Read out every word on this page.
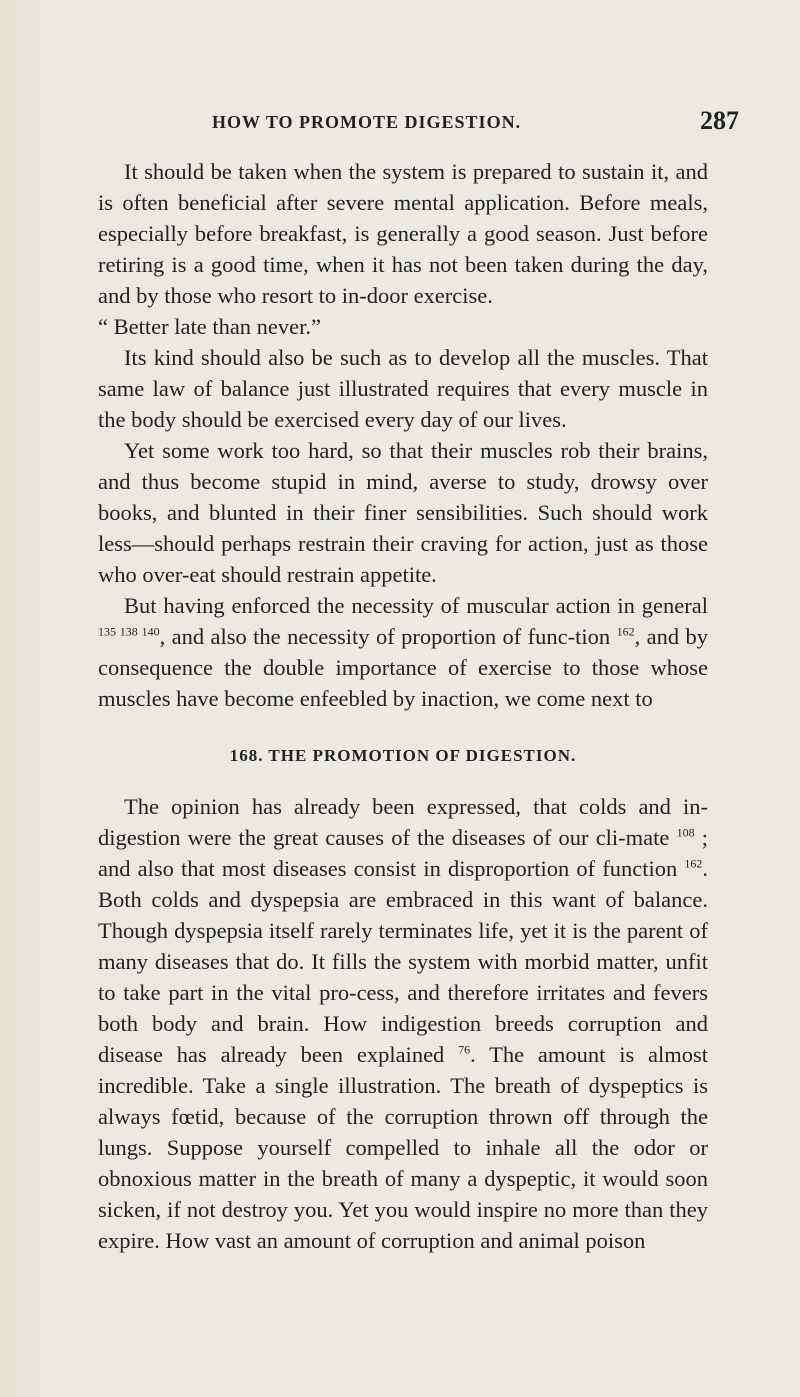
HOW TO PROMOTE DIGESTION.	287

It should be taken when the system is prepared to sustain it, and is often beneficial after severe mental application. Before meals, especially before breakfast, is generally a good season. Just before retiring is a good time, when it has not been taken during the day, and by those who resort to in-door exercise.

“ Better late than never.”

Its kind should also be such as to develop all the muscles. That same law of balance just illustrated requires that every muscle in the body should be exercised every day of our lives.

Yet some work too hard, so that their muscles rob their brains, and thus become stupid in mind, averse to study, drowsy over books, and blunted in their finer sensibilities. Such should work less—should perhaps restrain their craving for action, just as those who over-eat should restrain appetite.

But having enforced the necessity of muscular action in general $^{135 138 140}$, and also the necessity of proportion of func-tion $^{162}$, and by consequence the double importance of exercise to those whose muscles have become enfeebled by inaction, we come next to

168. THE PROMOTION OF DIGESTION.

The opinion has already been expressed, that colds and in-digestion were the great causes of the diseases of our cli-mate $^{108}$ ; and also that most diseases consist in disproportion of function $^{162}$. Both colds and dyspepsia are embraced in this want of balance. Though dyspepsia itself rarely terminates life, yet it is the parent of many diseases that do. It fills the system with morbid matter, unfit to take part in the vital pro-cess, and therefore irritates and fevers both body and brain. How indigestion breeds corruption and disease has already been explained $^{76}$. The amount is almost incredible. Take a single illustration. The breath of dyspeptics is always fœtid, because of the corruption thrown off through the lungs. Suppose yourself compelled to inhale all the odor or obnoxious matter in the breath of many a dyspeptic, it would soon sicken, if not destroy you. Yet you would inspire no more than they expire. How vast an amount of corruption and animal poison
